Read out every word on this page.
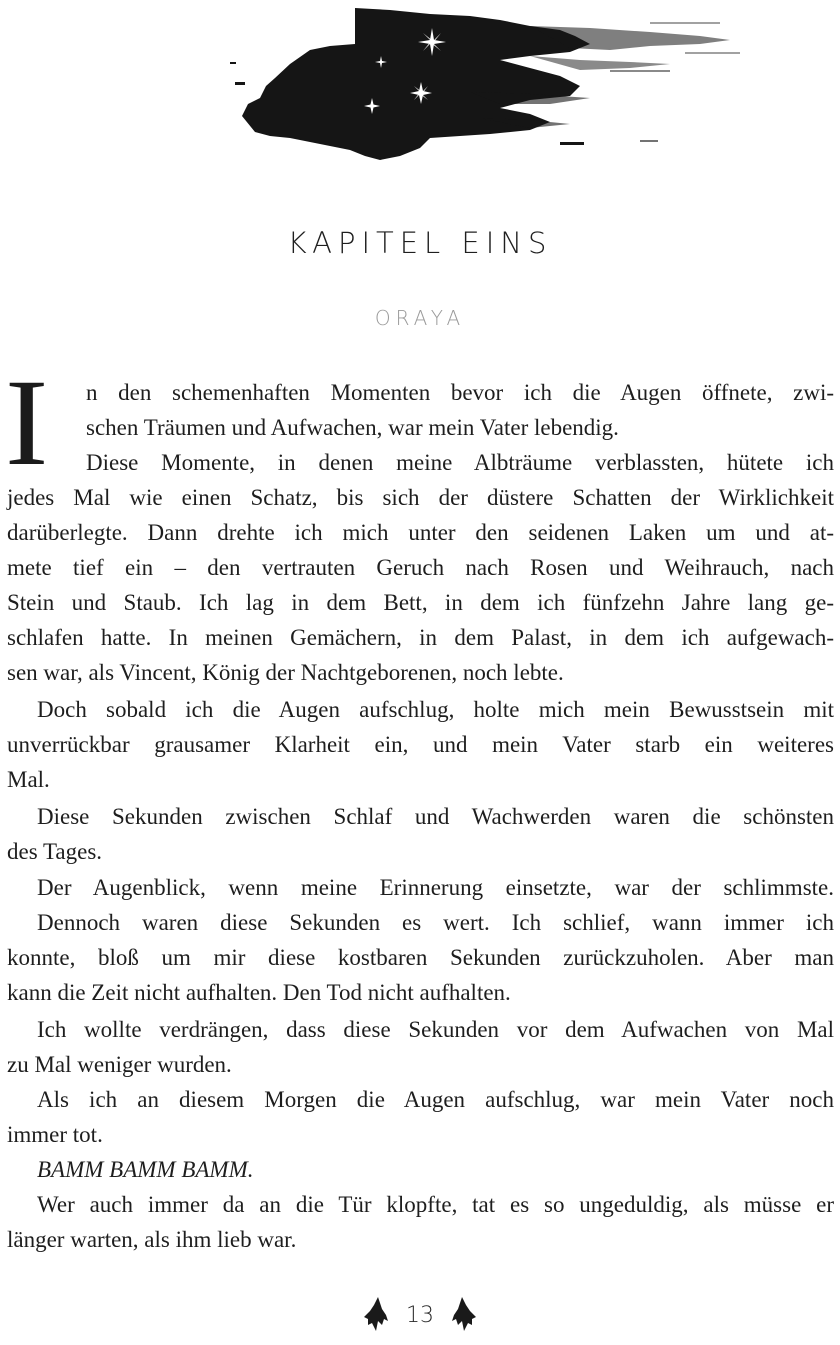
KAPITEL EINS
ORAYA
I n den schemenhaften Momenten bevor ich die Augen öffnete, zwi-
schen Träumen und Aufwachen, war mein Vater lebendig.
Diese Momente, in denen meine Albträume verblassten, hütete ich
jedes Mal wie einen Schatz, bis sich der düstere Schatten der Wirklichkeit
darüberlegte. Dann drehte ich mich unter den seidenen Laken um und at-
mete tief ein – den vertrauten Geruch nach Rosen und Weihrauch, nach
Stein und Staub. Ich lag in dem Bett, in dem ich fünfzehn Jahre lang ge-
schlafen hatte. In meinen Gemächern, in dem Palast, in dem ich aufgewach-
sen war, als Vincent, König der Nachtgeborenen, noch lebte.
Doch sobald ich die Augen aufschlug, holte mich mein Bewusstsein mit
unverrückbar grausamer Klarheit ein, und mein Vater starb ein weiteres
Mal.
Diese Sekunden zwischen Schlaf und Wachwerden waren die schönsten
des Tages.
Der Augenblick, wenn meine Erinnerung einsetzte, war der schlimmste.
Dennoch waren diese Sekunden es wert. Ich schlief, wann immer ich
konnte, bloß um mir diese kostbaren Sekunden zurückzuholen. Aber man
kann die Zeit nicht aufhalten. Den Tod nicht aufhalten.
Ich wollte verdrängen, dass diese Sekunden vor dem Aufwachen von Mal
zu Mal weniger wurden.
Als ich an diesem Morgen die Augen aufschlug, war mein Vater noch
immer tot.
BAMM BAMM BAMM.
Wer auch immer da an die Tür klopfte, tat es so ungeduldig, als müsse er
länger warten, als ihm lieb war.
13
